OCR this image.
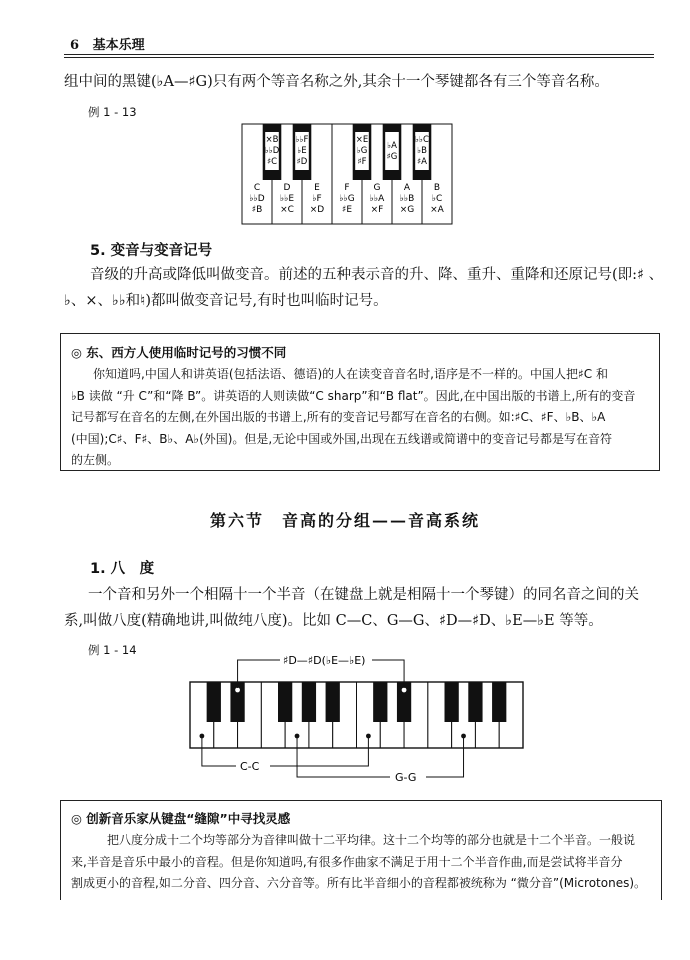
6 基本乐理
组中间的黑键(♭A—♯G)只有两个等音名称之外,其余十一个琴键都各有三个等音名称。
例 1 - 13
C
♭♭D
♯B
D
♭♭E
×C
E
♭F
×D
F
♭♭G
♯E
G
♭♭A
×F
A
♭♭B
×G
B
♭C
×A
×B
♭♭D
♯C
♭♭F
♭E
♯D
×E
♭G
♯F
♭A
♯G
♭♭C
♭B
♯A
5. 变音与变音记号
音级的升高或降低叫做变音。前述的五种表示音的升、降、重升、重降和还原记号(即:♯ 、
♭、×、♭♭和♮)都叫做变音记号,有时也叫临时记号。
◎ 东、西方人使用临时记号的习惯不同
你知道吗,中国人和讲英语(包括法语、德语)的人在读变音音名时,语序是不一样的。中国人把♯C 和
♭B 读做 “升 C”和“降 B”。讲英语的人则读做“C sharp”和“B flat”。因此,在中国出版的书谱上,所有的变音
记号都写在音名的左侧,在外国出版的书谱上,所有的变音记号都写在音名的右侧。如:♯C、♯F、♭B、♭A
(中国);C♯、F♯、B♭、A♭(外国)。但是,无论中国或外国,出现在五线谱或简谱中的变音记号都是写在音符
的左侧。
第六节　音高的分组——音高系统
1. 八　度
一个音和另外一个相隔十一个半音（在键盘上就是相隔十一个琴键）的同名音之间的关
系,叫做八度(精确地讲,叫做纯八度)。比如 C—C、G—G、♯D—♯D、♭E—♭E 等等。
例 1 - 14
♯D—♯D(♭E—♭E)
C-C
G-G
◎ 创新音乐家从键盘“缝隙”中寻找灵感
把八度分成十二个均等部分为音律叫做十二平均律。这十二个均等的部分也就是十二个半音。一般说
来,半音是音乐中最小的音程。但是你知道吗,有很多作曲家不满足于用十二个半音作曲,而是尝试将半音分
割成更小的音程,如二分音、四分音、六分音等。所有比半音细小的音程都被统称为 “微分音”(Microtones)。
